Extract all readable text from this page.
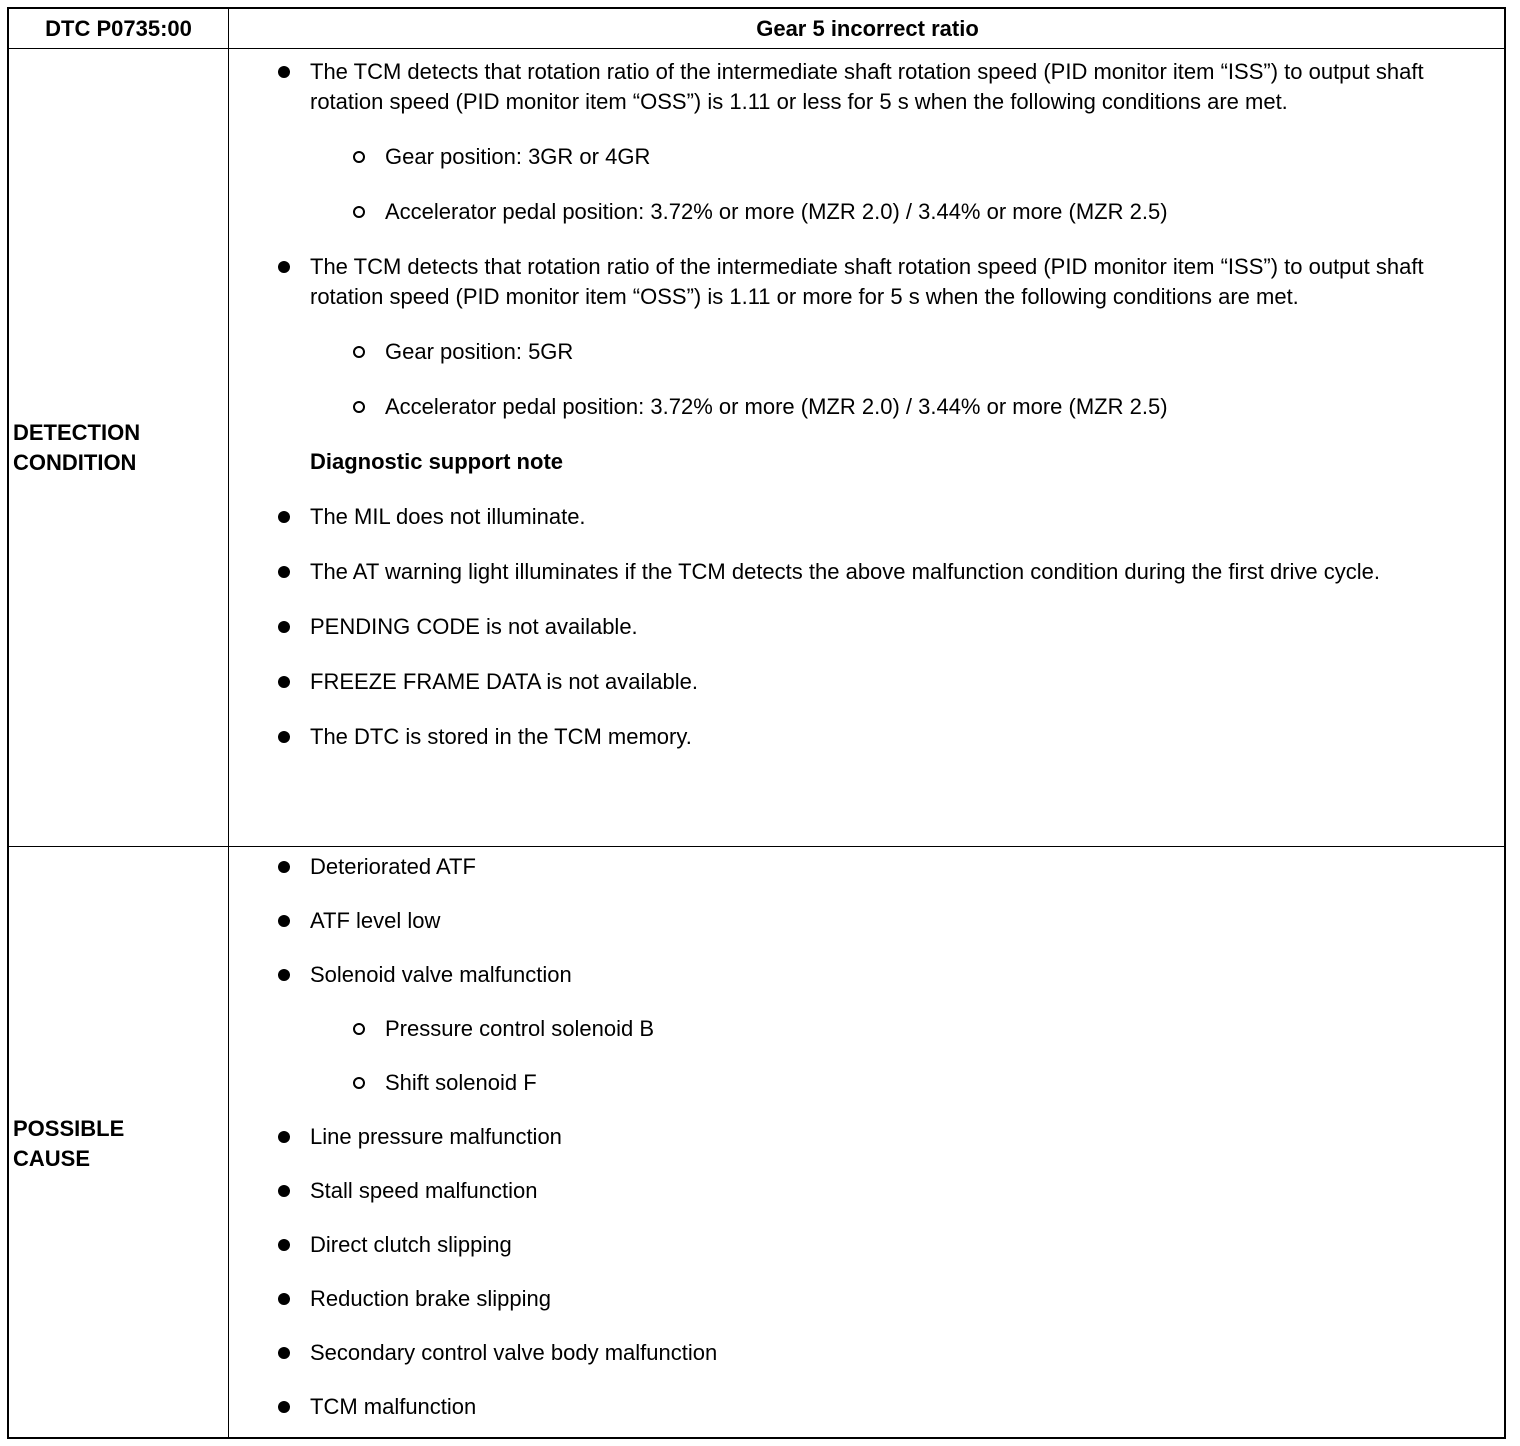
DTC P0735:00	Gear 5 incorrect ratio
DETECTION
CONDITION
The TCM detects that rotation ratio of the intermediate shaft rotation speed (PID monitor item “ISS”) to output shaft rotation speed (PID monitor item “OSS”) is 1.11 or less for 5 s when the following conditions are met.
Gear position: 3GR or 4GR
Accelerator pedal position: 3.72% or more (MZR 2.0) / 3.44% or more (MZR 2.5)
The TCM detects that rotation ratio of the intermediate shaft rotation speed (PID monitor item “ISS”) to output shaft rotation speed (PID monitor item “OSS”) is 1.11 or more for 5 s when the following conditions are met.
Gear position: 5GR
Accelerator pedal position: 3.72% or more (MZR 2.0) / 3.44% or more (MZR 2.5)
Diagnostic support note
The MIL does not illuminate.
The AT warning light illuminates if the TCM detects the above malfunction condition during the first drive cycle.
PENDING CODE is not available.
FREEZE FRAME DATA is not available.
The DTC is stored in the TCM memory.
POSSIBLE
CAUSE
Deteriorated ATF
ATF level low
Solenoid valve malfunction
Pressure control solenoid B
Shift solenoid F
Line pressure malfunction
Stall speed malfunction
Direct clutch slipping
Reduction brake slipping
Secondary control valve body malfunction
TCM malfunction
